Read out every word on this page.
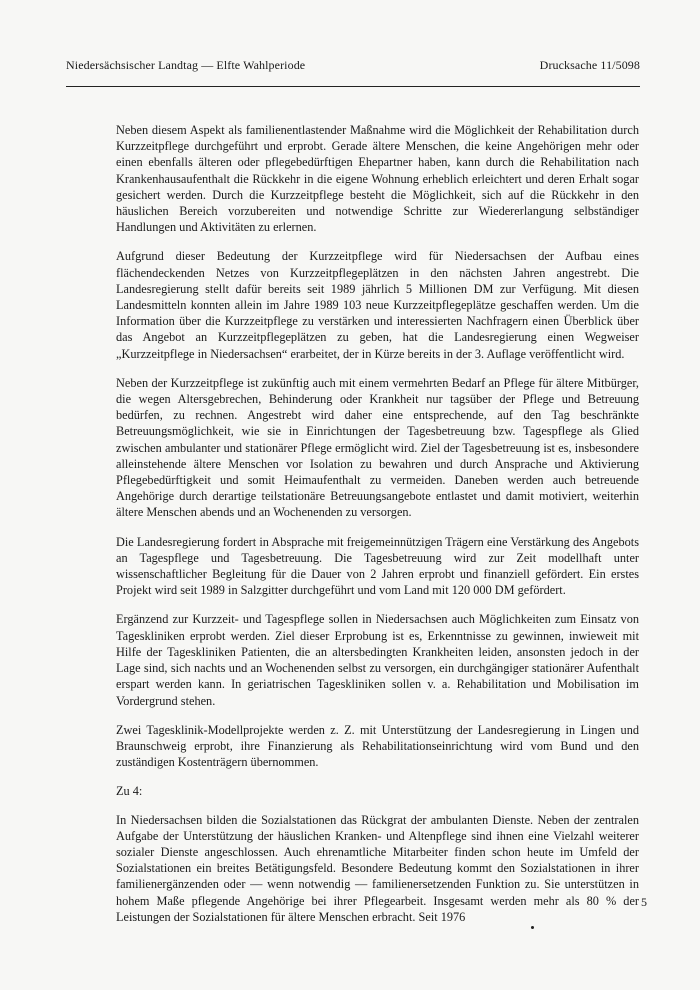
Niedersächsischer Landtag — Elfte Wahlperiode	Drucksache 11/5098

Neben diesem Aspekt als familienentlastender Maßnahme wird die Möglichkeit der Rehabilitation durch Kurzzeitpflege durchgeführt und erprobt. Gerade ältere Menschen, die keine Angehörigen mehr oder einen ebenfalls älteren oder pflegebedürftigen Ehepartner haben, kann durch die Rehabilitation nach Krankenhausaufenthalt die Rückkehr in die eigene Wohnung erheblich erleichtert und deren Erhalt sogar gesichert werden. Durch die Kurzzeitpflege besteht die Möglichkeit, sich auf die Rückkehr in den häuslichen Bereich vorzubereiten und notwendige Schritte zur Wiedererlangung selbständiger Handlungen und Aktivitäten zu erlernen.

Aufgrund dieser Bedeutung der Kurzzeitpflege wird für Niedersachsen der Aufbau eines flächendeckenden Netzes von Kurzzeitpflegeplätzen in den nächsten Jahren angestrebt. Die Landesregierung stellt dafür bereits seit 1989 jährlich 5 Millionen DM zur Verfügung. Mit diesen Landesmitteln konnten allein im Jahre 1989 103 neue Kurzzeitpflegeplätze geschaffen werden. Um die Information über die Kurzzeitpflege zu verstärken und interessierten Nachfragern einen Überblick über das Angebot an Kurzzeitpflegeplätzen zu geben, hat die Landesregierung einen Wegweiser „Kurzzeitpflege in Niedersachsen“ erarbeitet, der in Kürze bereits in der 3. Auflage veröffentlicht wird.

Neben der Kurzzeitpflege ist zukünftig auch mit einem vermehrten Bedarf an Pflege für ältere Mitbürger, die wegen Altersgebrechen, Behinderung oder Krankheit nur tagsüber der Pflege und Betreuung bedürfen, zu rechnen. Angestrebt wird daher eine entsprechende, auf den Tag beschränkte Betreuungsmöglichkeit, wie sie in Einrichtungen der Tagesbetreuung bzw. Tagespflege als Glied zwischen ambulanter und stationärer Pflege ermöglicht wird. Ziel der Tagesbetreuung ist es, insbesondere alleinstehende ältere Menschen vor Isolation zu bewahren und durch Ansprache und Aktivierung Pflegebedürftigkeit und somit Heimaufenthalt zu vermeiden. Daneben werden auch betreuende Angehörige durch derartige teilstationäre Betreuungsangebote entlastet und damit motiviert, weiterhin ältere Menschen abends und an Wochenenden zu versorgen.

Die Landesregierung fordert in Absprache mit freigemeinnützigen Trägern eine Verstärkung des Angebots an Tagespflege und Tagesbetreuung. Die Tagesbetreuung wird zur Zeit modellhaft unter wissenschaftlicher Begleitung für die Dauer von 2 Jahren erprobt und finanziell gefördert. Ein erstes Projekt wird seit 1989 in Salzgitter durchgeführt und vom Land mit 120 000 DM gefördert.

Ergänzend zur Kurzzeit- und Tagespflege sollen in Niedersachsen auch Möglichkeiten zum Einsatz von Tageskliniken erprobt werden. Ziel dieser Erprobung ist es, Erkenntnisse zu gewinnen, inwieweit mit Hilfe der Tageskliniken Patienten, die an altersbedingten Krankheiten leiden, ansonsten jedoch in der Lage sind, sich nachts und an Wochenenden selbst zu versorgen, ein durchgängiger stationärer Aufenthalt erspart werden kann. In geriatrischen Tageskliniken sollen v. a. Rehabilitation und Mobilisation im Vordergrund stehen.

Zwei Tagesklinik-Modellprojekte werden z. Z. mit Unterstützung der Landesregierung in Lingen und Braunschweig erprobt, ihre Finanzierung als Rehabilitationseinrichtung wird vom Bund und den zuständigen Kostenträgern übernommen.

Zu 4:

In Niedersachsen bilden die Sozialstationen das Rückgrat der ambulanten Dienste. Neben der zentralen Aufgabe der Unterstützung der häuslichen Kranken- und Altenpflege sind ihnen eine Vielzahl weiterer sozialer Dienste angeschlossen. Auch ehrenamtliche Mitarbeiter finden schon heute im Umfeld der Sozialstationen ein breites Betätigungsfeld. Besondere Bedeutung kommt den Sozialstationen in ihrer familienergänzenden oder — wenn notwendig — familienersetzenden Funktion zu. Sie unterstützen in hohem Maße pflegende Angehörige bei ihrer Pflegearbeit. Insgesamt werden mehr als 80 % der Leistungen der Sozialstationen für ältere Menschen erbracht. Seit 1976

5
